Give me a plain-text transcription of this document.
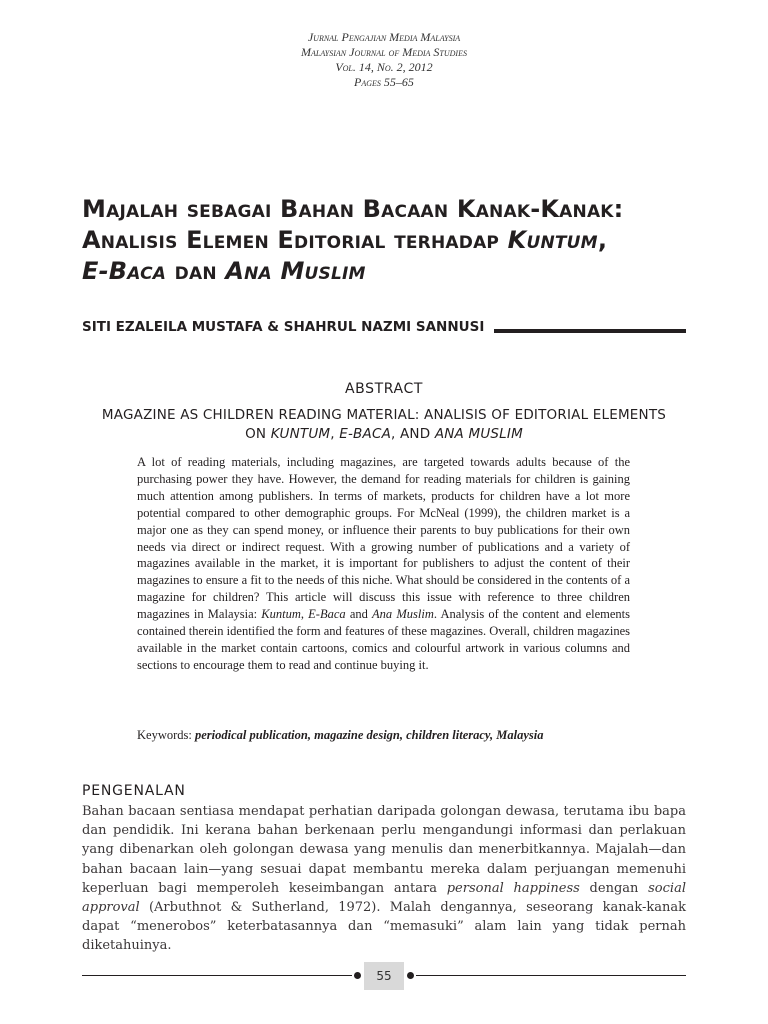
Jurnal Pengajian Media Malaysia
Malaysian Journal of Media Studies
Vol. 14, No. 2, 2012
Pages 55–65
Majalah sebagai Bahan Bacaan Kanak-Kanak:
Analisis Elemen Editorial terhadap Kuntum,
E-Baca dan Ana Muslim
SITI EZALEILA MUSTAFA & SHAHRUL NAZMI SANNUSI
ABSTRACT
MAGAZINE AS CHILDREN READING MATERIAL: ANALISIS OF EDITORIAL ELEMENTS ON KUNTUM, E-BACA, AND ANA MUSLIM

A lot of reading materials, including magazines, are targeted towards adults because of the purchasing power they have. However, the demand for reading materials for children is gaining much attention among publishers. In terms of markets, products for children have a lot more potential compared to other demographic groups. For McNeal (1999), the children market is a major one as they can spend money, or influence their parents to buy publications for their own needs via direct or indirect request. With a growing number of publications and a variety of magazines available in the market, it is important for publishers to adjust the content of their magazines to ensure a fit to the needs of this niche. What should be considered in the contents of a magazine for children? This article will discuss this issue with reference to three children magazines in Malaysia: Kuntum, E-Baca and Ana Muslim. Analysis of the content and elements contained therein identified the form and features of these magazines. Overall, children magazines available in the market contain cartoons, comics and colourful artwork in various columns and sections to encourage them to read and continue buying it.

Keywords: periodical publication, magazine design, children literacy, Malaysia
PENGENALAN
Bahan bacaan sentiasa mendapat perhatian daripada golongan dewasa, terutama ibu bapa dan pendidik. Ini kerana bahan berkenaan perlu mengandungi informasi dan perlakuan yang dibenarkan oleh golongan dewasa yang menulis dan menerbitkannya. Majalah—dan bahan bacaan lain—yang sesuai dapat membantu mereka dalam perjuangan memenuhi keperluan bagi memperoleh keseimbangan antara personal happiness dengan social approval (Arbuthnot & Sutherland, 1972). Malah dengannya, seseorang kanak-kanak dapat “menerobos” keterbatasannya dan “memasuki” alam lain yang tidak pernah diketahuinya.
55
